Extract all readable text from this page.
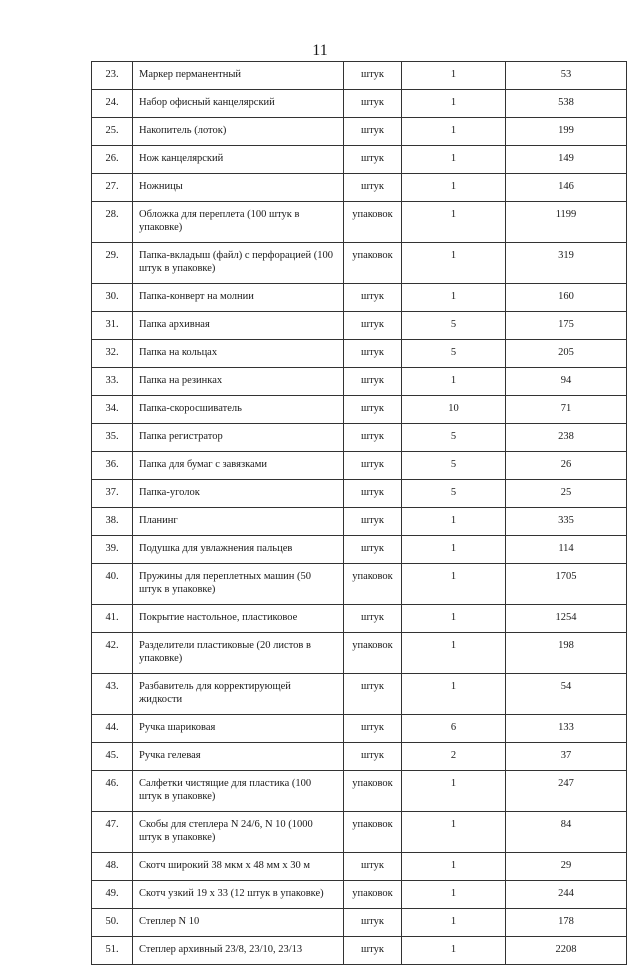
11
23.	Маркер перманентный	штук	1	53
24.	Набор офисный канцелярский	штук	1	538
25.	Накопитель (лоток)	штук	1	199
26.	Нож канцелярский	штук	1	149
27.	Ножницы	штук	1	146
28.	Обложка для переплета (100 штук в упаковке)	упаковок	1	1199
29.	Папка-вкладыш (файл) с перфорацией (100 штук в упаковке)	упаковок	1	319
30.	Папка-конверт на молнии	штук	1	160
31.	Папка архивная	штук	5	175
32.	Папка на кольцах	штук	5	205
33.	Папка на резинках	штук	1	94
34.	Папка-скоросшиватель	штук	10	71
35.	Папка регистратор	штук	5	238
36.	Папка для бумаг с завязками	штук	5	26
37.	Папка-уголок	штук	5	25
38.	Планинг	штук	1	335
39.	Подушка для увлажнения пальцев	штук	1	114
40.	Пружины для переплетных машин (50 штук в упаковке)	упаковок	1	1705
41.	Покрытие настольное, пластиковое	штук	1	1254
42.	Разделители пластиковые (20 листов в упаковке)	упаковок	1	198
43.	Разбавитель для корректирующей жидкости	штук	1	54
44.	Ручка шариковая	штук	6	133
45.	Ручка гелевая	штук	2	37
46.	Салфетки чистящие для пластика (100 штук в упаковке)	упаковок	1	247
47.	Скобы для степлера N 24/6, N 10 (1000 штук в упаковке)	упаковок	1	84
48.	Скотч широкий 38 мкм х 48 мм х 30 м	штук	1	29
49.	Скотч узкий 19 х 33 (12 штук в упаковке)	упаковок	1	244
50.	Степлер N 10	штук	1	178
51.	Степлер архивный 23/8, 23/10, 23/13	штук	1	2208
